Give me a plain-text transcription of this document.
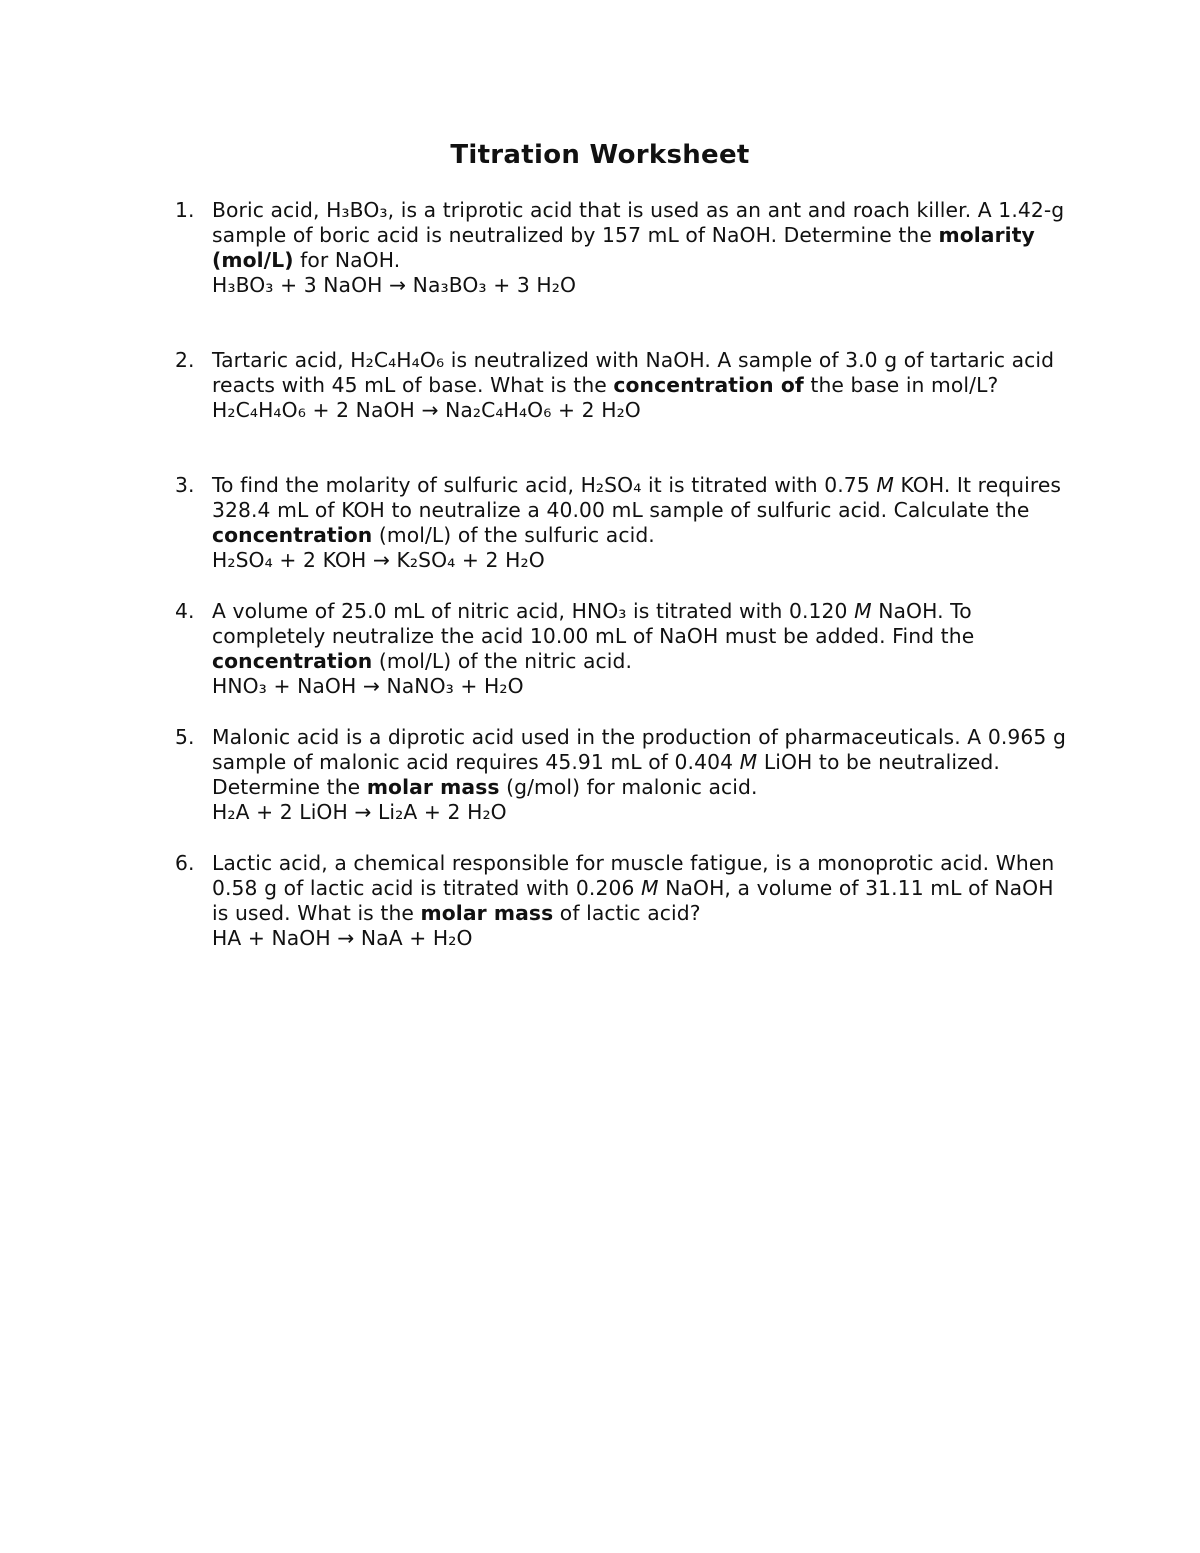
Titration Worksheet
1. Boric acid, H₃BO₃, is a triprotic acid that is used as an ant and roach killer. A 1.42-g sample of boric acid is neutralized by 157 mL of NaOH. Determine the molarity (mol/L) for NaOH.
H₃BO₃ + 3 NaOH → Na₃BO₃ + 3 H₂O
2. Tartaric acid, H₂C₄H₄O₆ is neutralized with NaOH. A sample of 3.0 g of tartaric acid reacts with 45 mL of base. What is the concentration of the base in mol/L?
H₂C₄H₄O₆ + 2 NaOH → Na₂C₄H₄O₆ + 2 H₂O
3. To find the molarity of sulfuric acid, H₂SO₄ it is titrated with 0.75 M KOH. It requires 328.4 mL of KOH to neutralize a 40.00 mL sample of sulfuric acid. Calculate the concentration (mol/L) of the sulfuric acid.
H₂SO₄ + 2 KOH → K₂SO₄ + 2 H₂O
4. A volume of 25.0 mL of nitric acid, HNO₃ is titrated with 0.120 M NaOH. To completely neutralize the acid 10.00 mL of NaOH must be added. Find the concentration (mol/L) of the nitric acid.
HNO₃ + NaOH → NaNO₃ + H₂O
5. Malonic acid is a diprotic acid used in the production of pharmaceuticals. A 0.965 g sample of malonic acid requires 45.91 mL of 0.404 M LiOH to be neutralized. Determine the molar mass (g/mol) for malonic acid.
H₂A + 2 LiOH → Li₂A + 2 H₂O
6. Lactic acid, a chemical responsible for muscle fatigue, is a monoprotic acid. When 0.58 g of lactic acid is titrated with 0.206 M NaOH, a volume of 31.11 mL of NaOH is used. What is the molar mass of lactic acid?
HA + NaOH → NaA + H₂O
